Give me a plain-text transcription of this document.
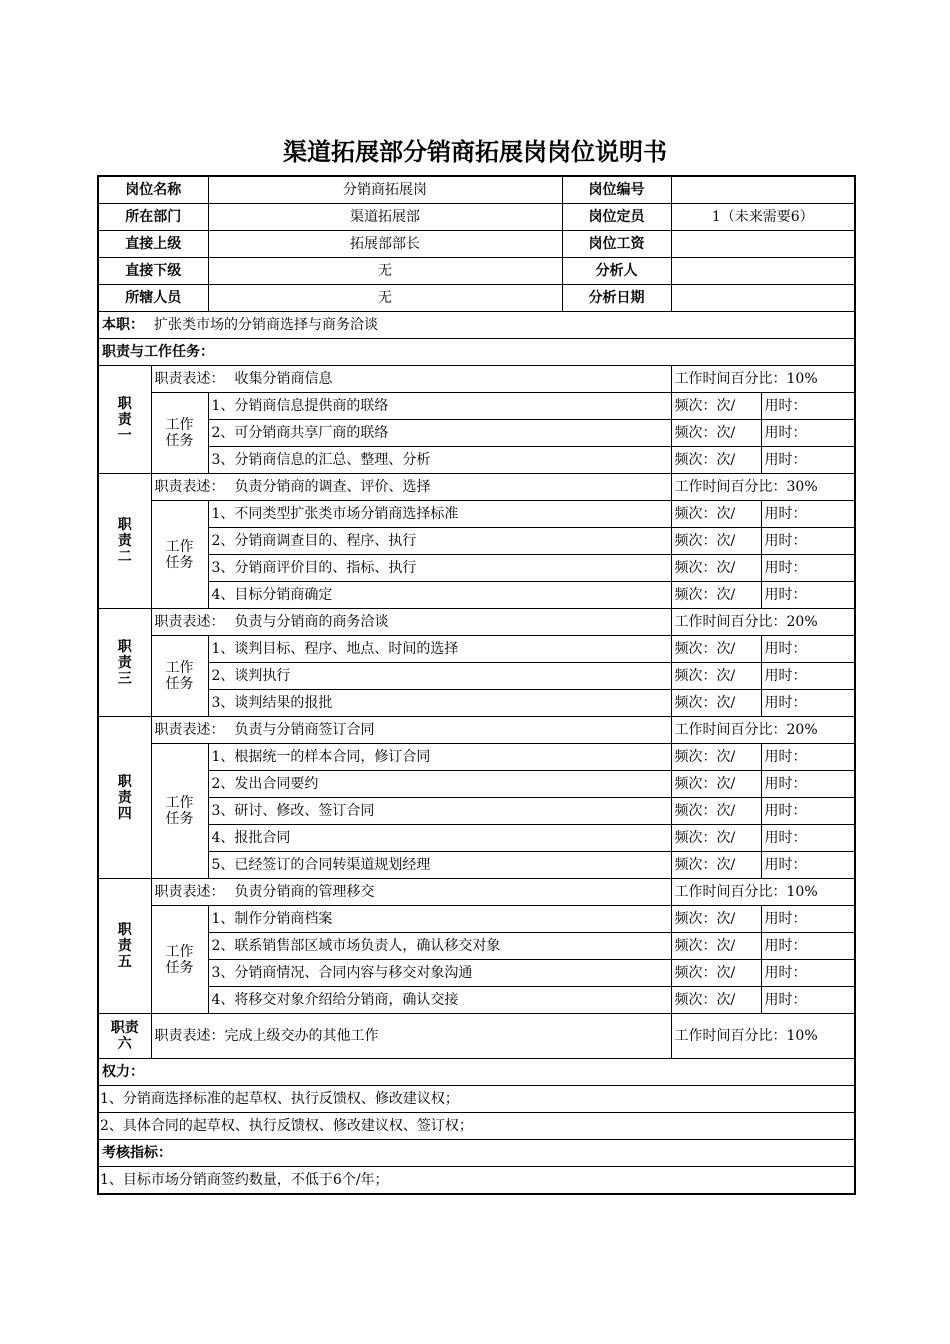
渠道拓展部分销商拓展岗岗位说明书
岗位名称		分销商拓展岗	岗位编号		
所在部门		渠道拓展部	岗位定员	1（未来需要6）	
直接上级		拓展部部长	岗位工资		
直接下级		无	分析人		
所辖人员		无	分析日期		
本职： 扩张类市场的分销商选择与商务洽谈					
职责与工作任务：					

职
责
一	职责表述： 收集分销商信息			工作时间百分比：10%	

	工作
任务	1、分销商信息提供商的联络		频次：次/	用时：
		2、可分销商共享厂商的联络		频次：次/	用时：
		3、分销商信息的汇总、整理、分析		频次：次/	用时：

职
责
二	职责表述： 负责分销商的调查、评价、选择			工作时间百分比：30%	

	工作
任务	1、不同类型扩张类市场分销商选择标准		频次：次/	用时：
		2、分销商调查目的、程序、执行		频次：次/	用时：
		3、分销商评价目的、指标、执行		频次：次/	用时：
		4、目标分销商确定		频次：次/	用时：

职
责
三	职责表述： 负责与分销商的商务洽谈			工作时间百分比：20%	

	工作
任务	1、谈判目标、程序、地点、时间的选择		频次：次/	用时：
		2、谈判执行		频次：次/	用时：
		3、谈判结果的报批		频次：次/	用时：

职
责
四	职责表述： 负责与分销商签订合同			工作时间百分比：20%	

	工作
任务	1、根据统一的样本合同，修订合同		频次：次/	用时：
		2、发出合同要约		频次：次/	用时：
		3、研讨、修改、签订合同		频次：次/	用时：
		4、报批合同		频次：次/	用时：
		5、已经签订的合同转渠道规划经理		频次：次/	用时：

职
责
五	职责表述： 负责分销商的管理移交			工作时间百分比：10%	

	工作
任务	1、制作分销商档案		频次：次/	用时：
		2、联系销售部区域市场负责人，确认移交对象		频次：次/	用时：
		3、分销商情况、合同内容与移交对象沟通		频次：次/	用时：
		4、将移交对象介绍给分销商，确认交接		频次：次/	用时：

职责
六	职责表述：完成上级交办的其他工作			工作时间百分比：10%	
权力：					
1、分销商选择标准的起草权、执行反馈权、修改建议权；					
2、具体合同的起草权、执行反馈权、修改建议权、签订权；					
考核指标：					
1、目标市场分销商签约数量，不低于6个/年；					
